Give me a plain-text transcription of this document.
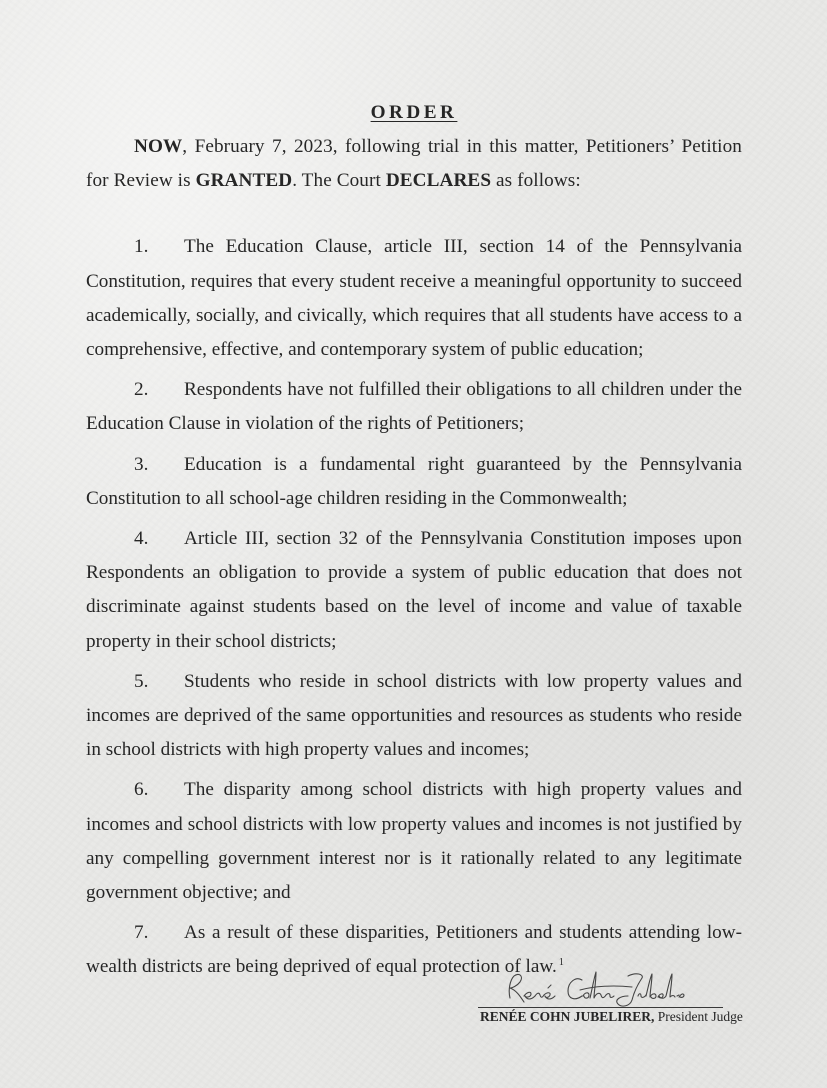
ORDER

NOW, February 7, 2023, following trial in this matter, Petitioners’ Petition for Review is GRANTED. The Court DECLARES as follows:

1. The Education Clause, article III, section 14 of the Pennsylvania Constitution, requires that every student receive a meaningful opportunity to succeed academically, socially, and civically, which requires that all students have access to a comprehensive, effective, and contemporary system of public education;
2. Respondents have not fulfilled their obligations to all children under the Education Clause in violation of the rights of Petitioners;
3. Education is a fundamental right guaranteed by the Pennsylvania Constitution to all school-age children residing in the Commonwealth;
4. Article III, section 32 of the Pennsylvania Constitution imposes upon Respondents an obligation to provide a system of public education that does not discriminate against students based on the level of income and value of taxable property in their school districts;
5. Students who reside in school districts with low property values and incomes are deprived of the same opportunities and resources as students who reside in school districts with high property values and incomes;
6. The disparity among school districts with high property values and incomes and school districts with low property values and incomes is not justified by any compelling government interest nor is it rationally related to any legitimate government objective; and
7. As a result of these disparities, Petitioners and students attending low-wealth districts are being deprived of equal protection of law. $^1$
RENÉE COHN JUBELIRER, President Judge
